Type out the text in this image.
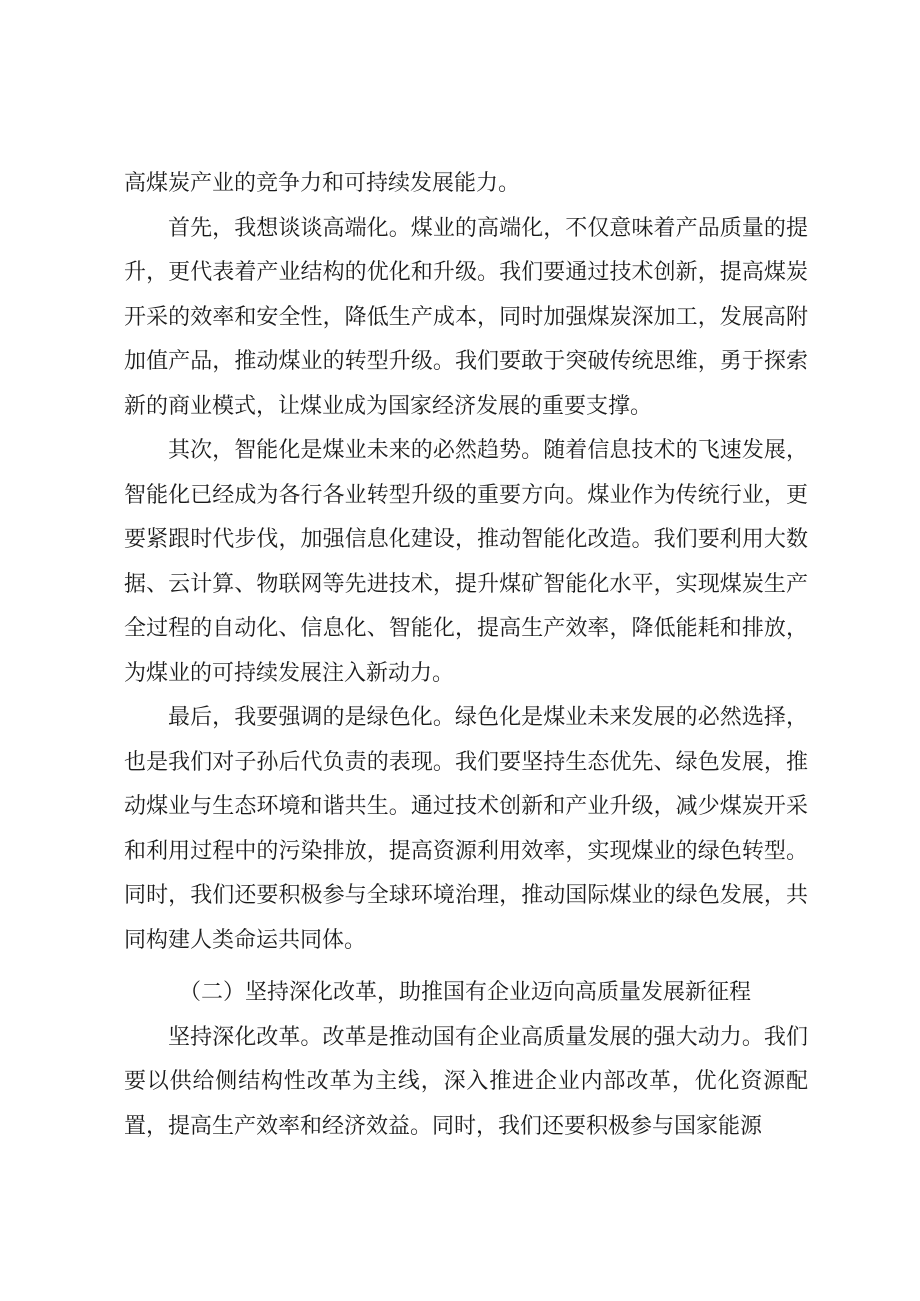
高煤炭产业的竞争力和可持续发展能力。

首先，我想谈谈高端化。煤业的高端化，不仅意味着产品质量的提升，更代表着产业结构的优化和升级。我们要通过技术创新，提高煤炭开采的效率和安全性，降低生产成本，同时加强煤炭深加工，发展高附加值产品，推动煤业的转型升级。我们要敢于突破传统思维，勇于探索新的商业模式，让煤业成为国家经济发展的重要支撑。

其次，智能化是煤业未来的必然趋势。随着信息技术的飞速发展，智能化已经成为各行各业转型升级的重要方向。煤业作为传统行业，更要紧跟时代步伐，加强信息化建设，推动智能化改造。我们要利用大数据、云计算、物联网等先进技术，提升煤矿智能化水平，实现煤炭生产全过程的自动化、信息化、智能化，提高生产效率，降低能耗和排放，为煤业的可持续发展注入新动力。

最后，我要强调的是绿色化。绿色化是煤业未来发展的必然选择，也是我们对子孙后代负责的表现。我们要坚持生态优先、绿色发展，推动煤业与生态环境和谐共生。通过技术创新和产业升级，减少煤炭开采和利用过程中的污染排放，提高资源利用效率，实现煤业的绿色转型。同时，我们还要积极参与全球环境治理，推动国际煤业的绿色发展，共同构建人类命运共同体。

（二）坚持深化改革，助推国有企业迈向高质量发展新征程

坚持深化改革。改革是推动国有企业高质量发展的强大动力。我们要以供给侧结构性改革为主线，深入推进企业内部改革，优化资源配置，提高生产效率和经济效益。同时，我们还要积极参与国家能源
